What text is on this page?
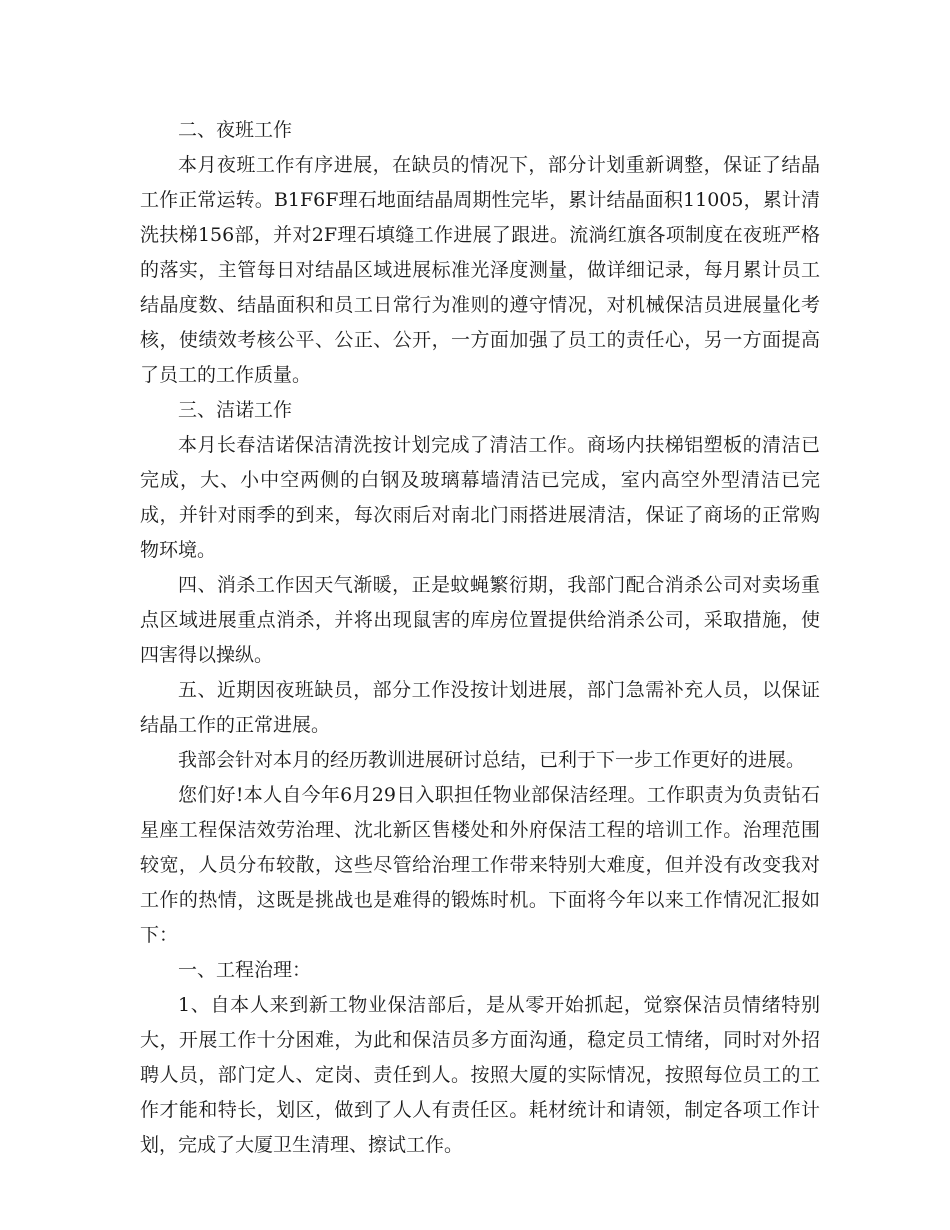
二、夜班工作

本月夜班工作有序进展，在缺员的情况下，部分计划重新调整，保证了结晶工作正常运转。B1F6F理石地面结晶周期性完毕，累计结晶面积11005，累计清洗扶梯156部，并对2F理石填缝工作进展了跟进。流淌红旗各项制度在夜班严格的落实，主管每日对结晶区域进展标准光泽度测量，做详细记录，每月累计员工结晶度数、结晶面积和员工日常行为准则的遵守情况，对机械保洁员进展量化考核，使绩效考核公平、公正、公开，一方面加强了员工的责任心，另一方面提高了员工的工作质量。

三、洁诺工作

本月长春洁诺保洁清洗按计划完成了清洁工作。商场内扶梯铝塑板的清洁已完成，大、小中空两侧的白钢及玻璃幕墙清洁已完成，室内高空外型清洁已完成，并针对雨季的到来，每次雨后对南北门雨搭进展清洁，保证了商场的正常购物环境。

四、消杀工作因天气渐暖，正是蚊蝇繁衍期，我部门配合消杀公司对卖场重点区域进展重点消杀，并将出现鼠害的库房位置提供给消杀公司，采取措施，使四害得以操纵。

五、近期因夜班缺员，部分工作没按计划进展，部门急需补充人员，以保证结晶工作的正常进展。

我部会针对本月的经历教训进展研讨总结，已利于下一步工作更好的进展。

您们好!本人自今年6月29日入职担任物业部保洁经理。工作职责为负责钻石星座工程保洁效劳治理、沈北新区售楼处和外府保洁工程的培训工作。治理范围较宽，人员分布较散，这些尽管给治理工作带来特别大难度，但并没有改变我对工作的热情，这既是挑战也是难得的锻炼时机。下面将今年以来工作情况汇报如下：

一、工程治理：

1、自本人来到新工物业保洁部后，是从零开始抓起，觉察保洁员情绪特别大，开展工作十分困难，为此和保洁员多方面沟通，稳定员工情绪，同时对外招聘人员，部门定人、定岗、责任到人。按照大厦的实际情况，按照每位员工的工作才能和特长，划区，做到了人人有责任区。耗材统计和请领，制定各项工作计划，完成了大厦卫生清理、擦试工作。
